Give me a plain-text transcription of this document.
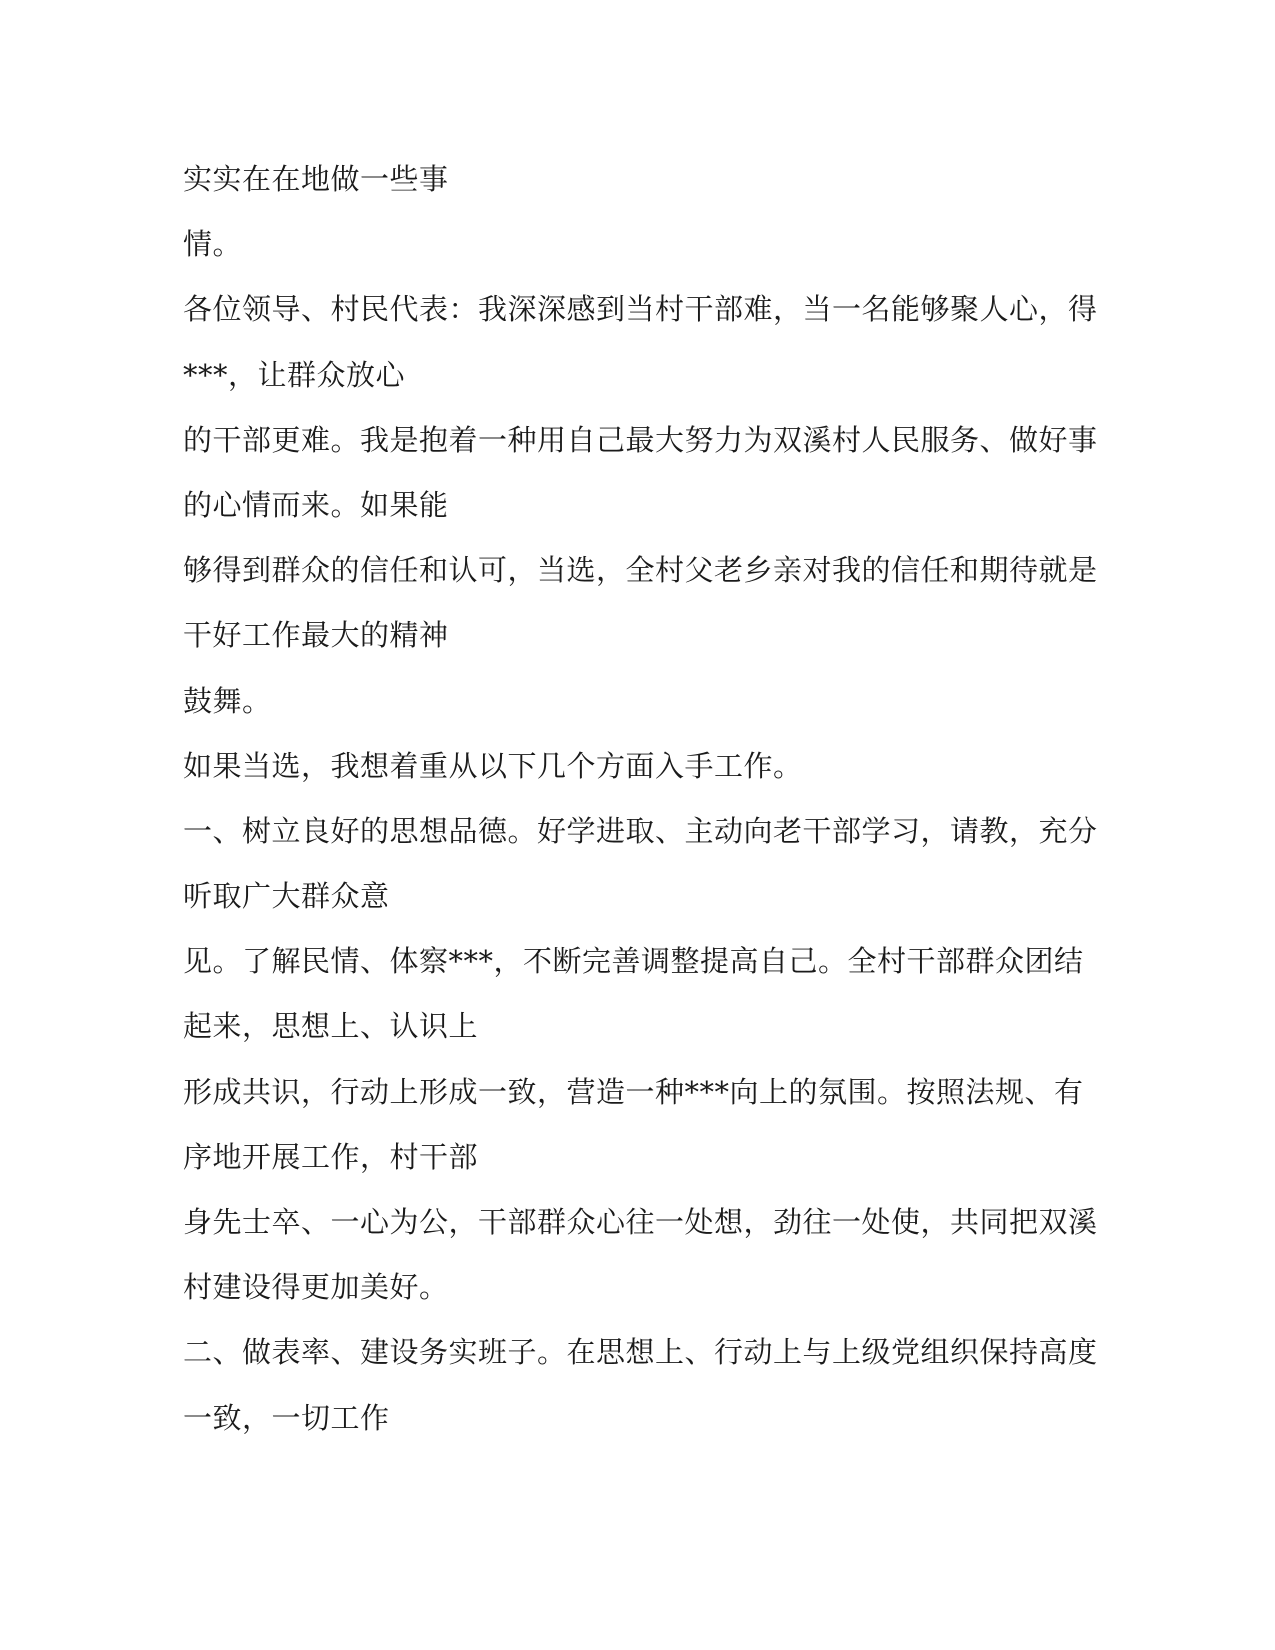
实实在在地做一些事
情。
各位领导、村民代表：我深深感到当村干部难，当一名能够聚人心，得
***，让群众放心
的干部更难。我是抱着一种用自己最大努力为双溪村人民服务、做好事
的心情而来。如果能
够得到群众的信任和认可，当选，全村父老乡亲对我的信任和期待就是
干好工作最大的精神
鼓舞。
如果当选，我想着重从以下几个方面入手工作。
一、树立良好的思想品德。好学进取、主动向老干部学习，请教，充分
听取广大群众意
见。了解民情、体察***，不断完善调整提高自己。全村干部群众团结
起来，思想上、认识上
形成共识，行动上形成一致，营造一种***向上的氛围。按照法规、有
序地开展工作，村干部
身先士卒、一心为公，干部群众心往一处想，劲往一处使，共同把双溪
村建设得更加美好。
二、做表率、建设务实班子。在思想上、行动上与上级党组织保持高度
一致，一切工作
